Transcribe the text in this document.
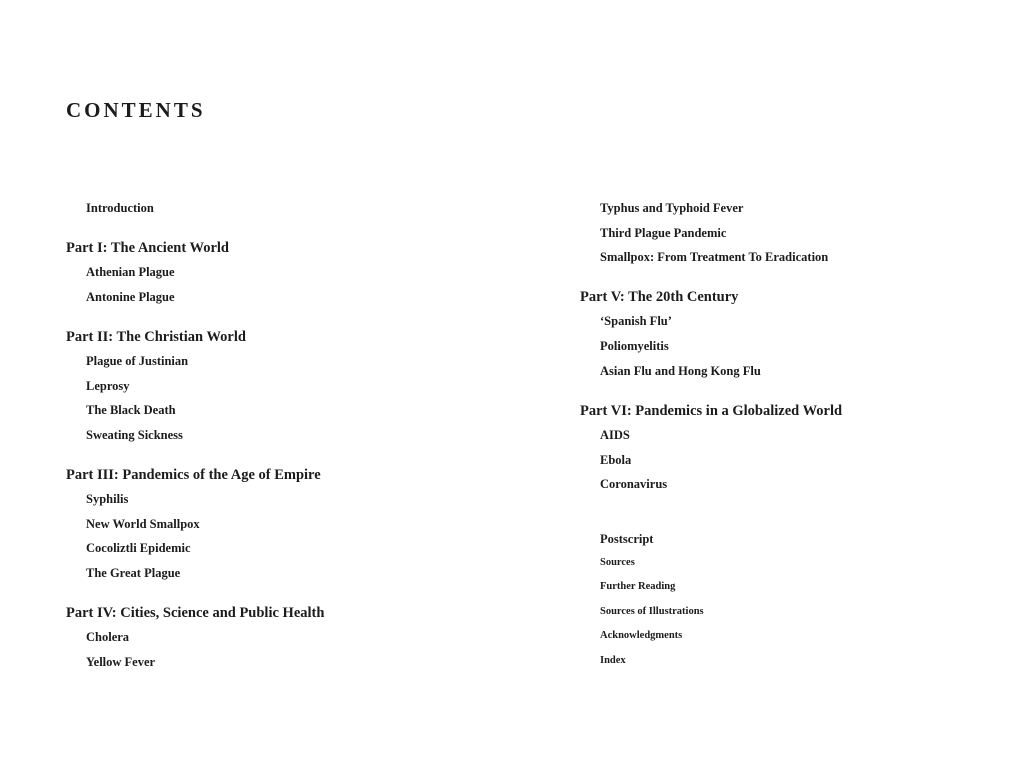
CONTENTS
Introduction
Part I: The Ancient World
Athenian Plague
Antonine Plague
Part II: The Christian World
Plague of Justinian
Leprosy
The Black Death
Sweating Sickness
Part III: Pandemics of the Age of Empire
Syphilis
New World Smallpox
Cocoliztli Epidemic
The Great Plague
Part IV: Cities, Science and Public Health
Cholera
Yellow Fever
Typhus and Typhoid Fever
Third Plague Pandemic
Smallpox: From Treatment To Eradication
Part V: The 20th Century
‘Spanish Flu’
Poliomyelitis
Asian Flu and Hong Kong Flu
Part VI: Pandemics in a Globalized World
AIDS
Ebola
Coronavirus
Postscript
Sources
Further Reading
Sources of Illustrations
Acknowledgments
Index
